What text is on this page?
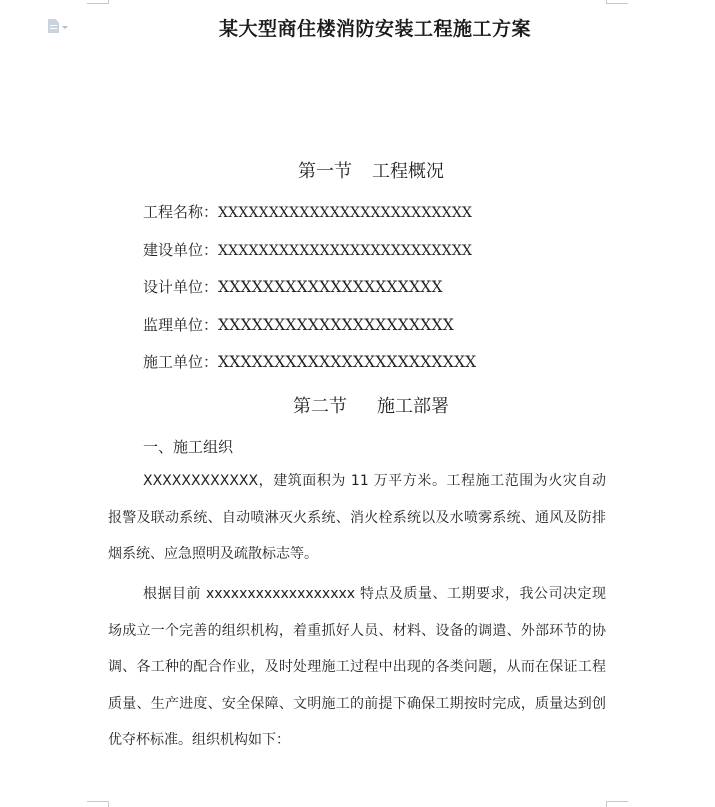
某大型商住楼消防安装工程施工方案
第一节 工程概况
工程名称：XXXXXXXXXXXXXXXXXXXXXXXXX
建设单位：XXXXXXXXXXXXXXXXXXXXXXXXX
设计单位：XXXXXXXXXXXXXXXXXXXX
监理单位：XXXXXXXXXXXXXXXXXXXXX
施工单位：XXXXXXXXXXXXXXXXXXXXXXX
第二节 施工部署
一、施工组织

XXXXXXXXXXXX，建筑面积为 11 万平方米。工程施工范围为火灾自动报警及联动系统、自动喷淋灭火系统、消火栓系统以及水喷雾系统、通风及防排烟系统、应急照明及疏散标志等。

根据目前 xxxxxxxxxxxxxxxxxx 特点及质量、工期要求，我公司决定现场成立一个完善的组织机构，着重抓好人员、材料、设备的调遣、外部环节的协调、各工种的配合作业，及时处理施工过程中出现的各类问题，从而在保证工程质量、生产进度、安全保障、文明施工的前提下确保工期按时完成，质量达到创优夺杯标准。组织机构如下：
